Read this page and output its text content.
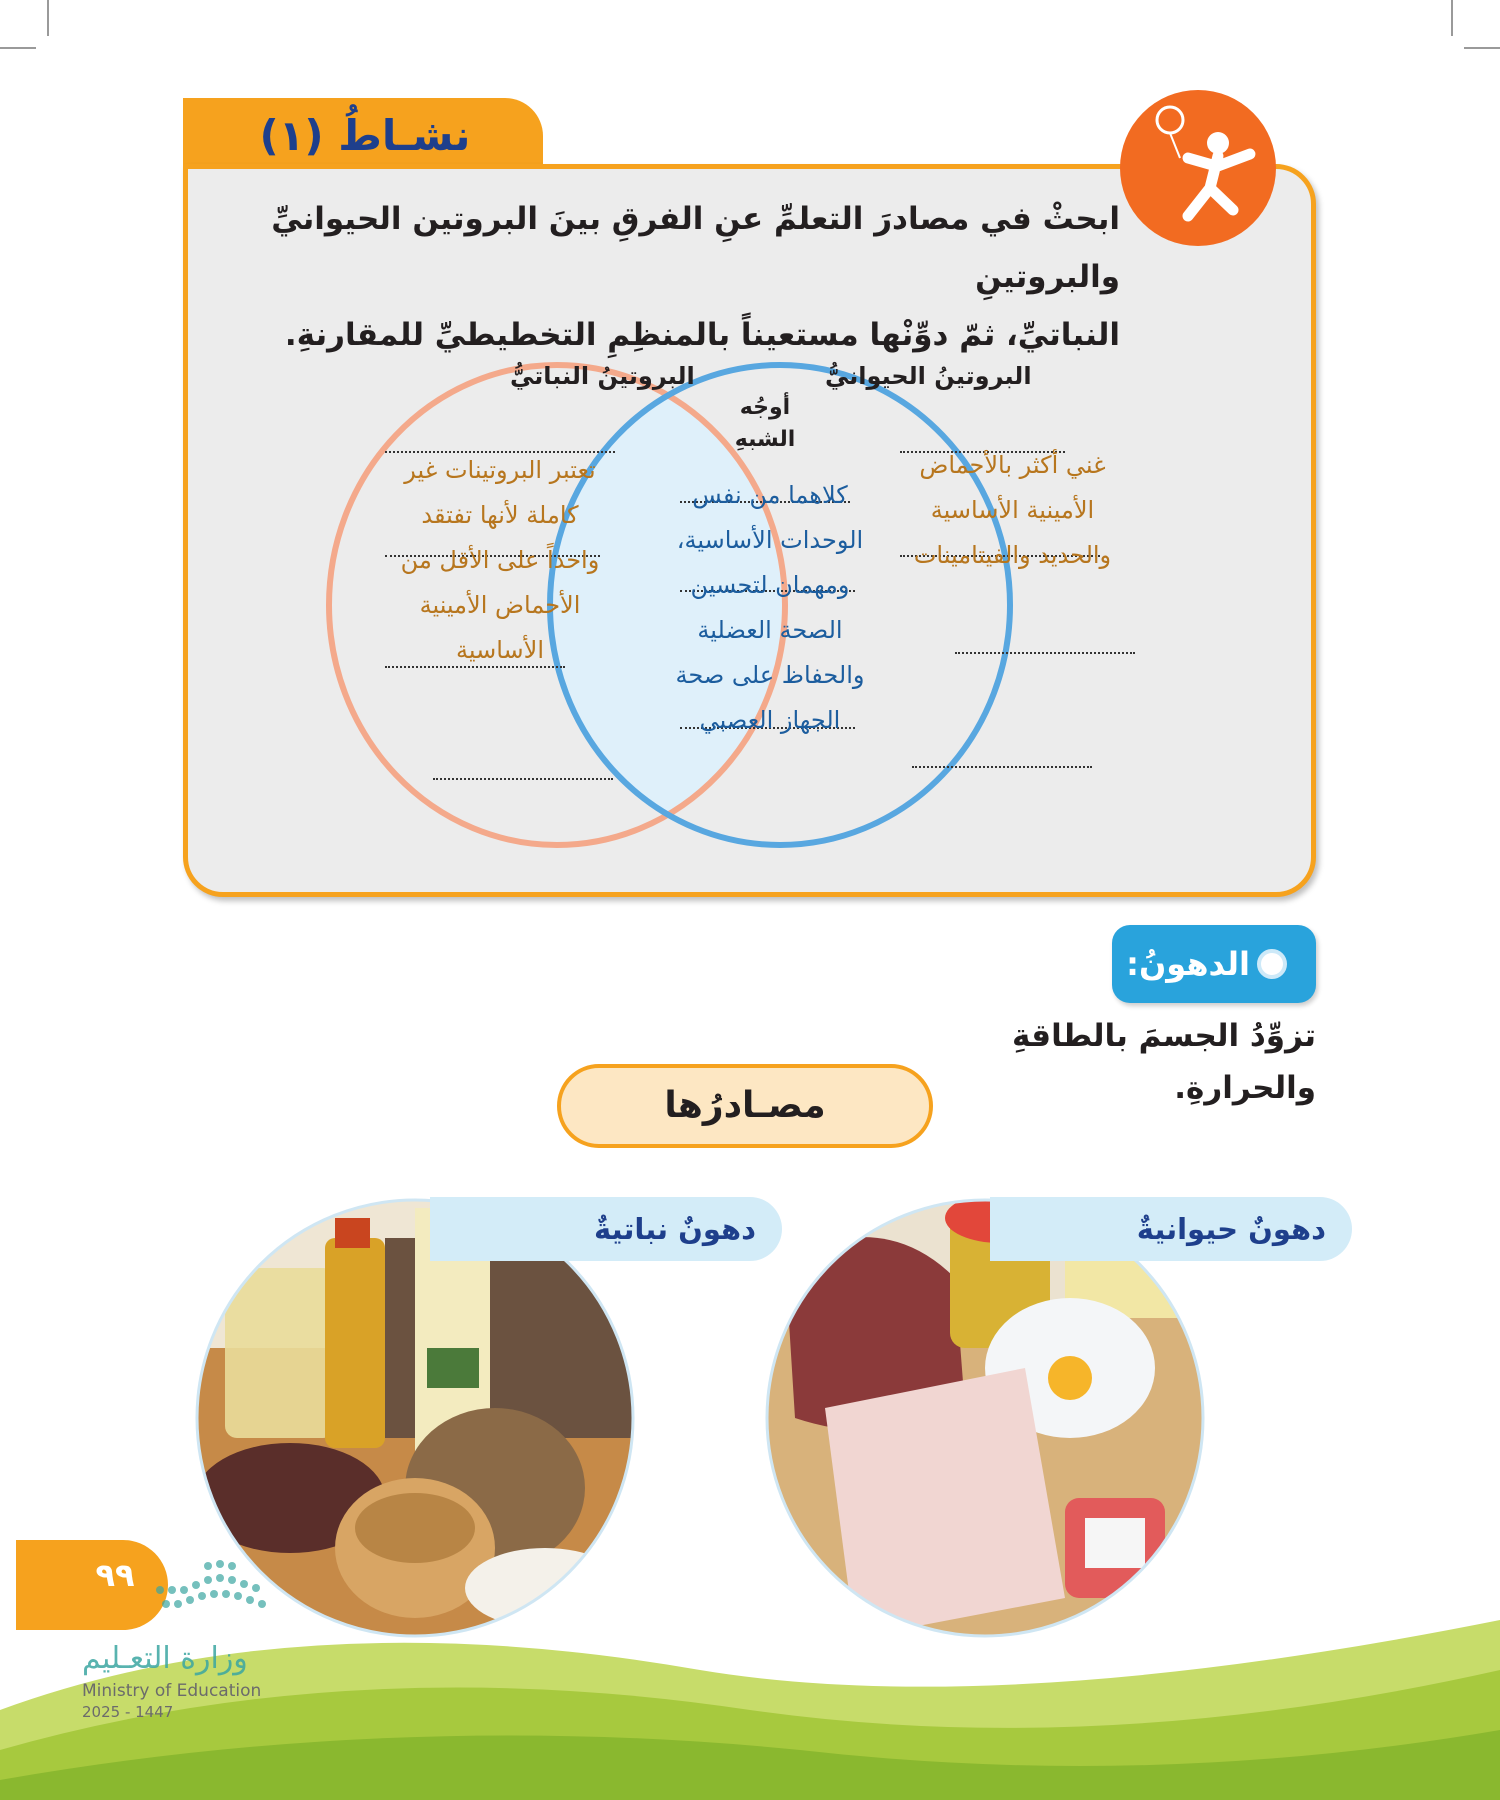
نشـاطُ (١)
ابحثْ في مصادرَ التعلمِّ عنِ الفرقِ بينَ البروتين الحيوانيِّ والبروتينِ
النباتيِّ، ثمّ دوِّنْها مستعيناً بالمنظِمِ التخطيطيِّ للمقارنةِ.
البروتينُ النباتيُّ	البروتينُ الحيوانيُّ
أوجُه
الشبهِ
تعتبر البروتينات غير
كاملة لأنها تفتقد
واحداً على الأقل من
الأحماض الأمينية
الأساسية
غني أكثر بالأحماض
الأمينية الأساسية
والحديد والفيتامينات
كلاهما من نفس
الوحدات الأساسية،
ومهمان لتحسين
الصحة العضلية
والحفاظ على صحة
الجهاز العصبي
الدهونُ:
تزوِّدُ الجسمَ بالطاقةِ والحرارةِ.
مصـادرُها
دهونٌ نباتيةٌ	دهونٌ حيوانيةٌ
٩٩
وزارة التعـليم
Ministry of Education
2025 - 1447
